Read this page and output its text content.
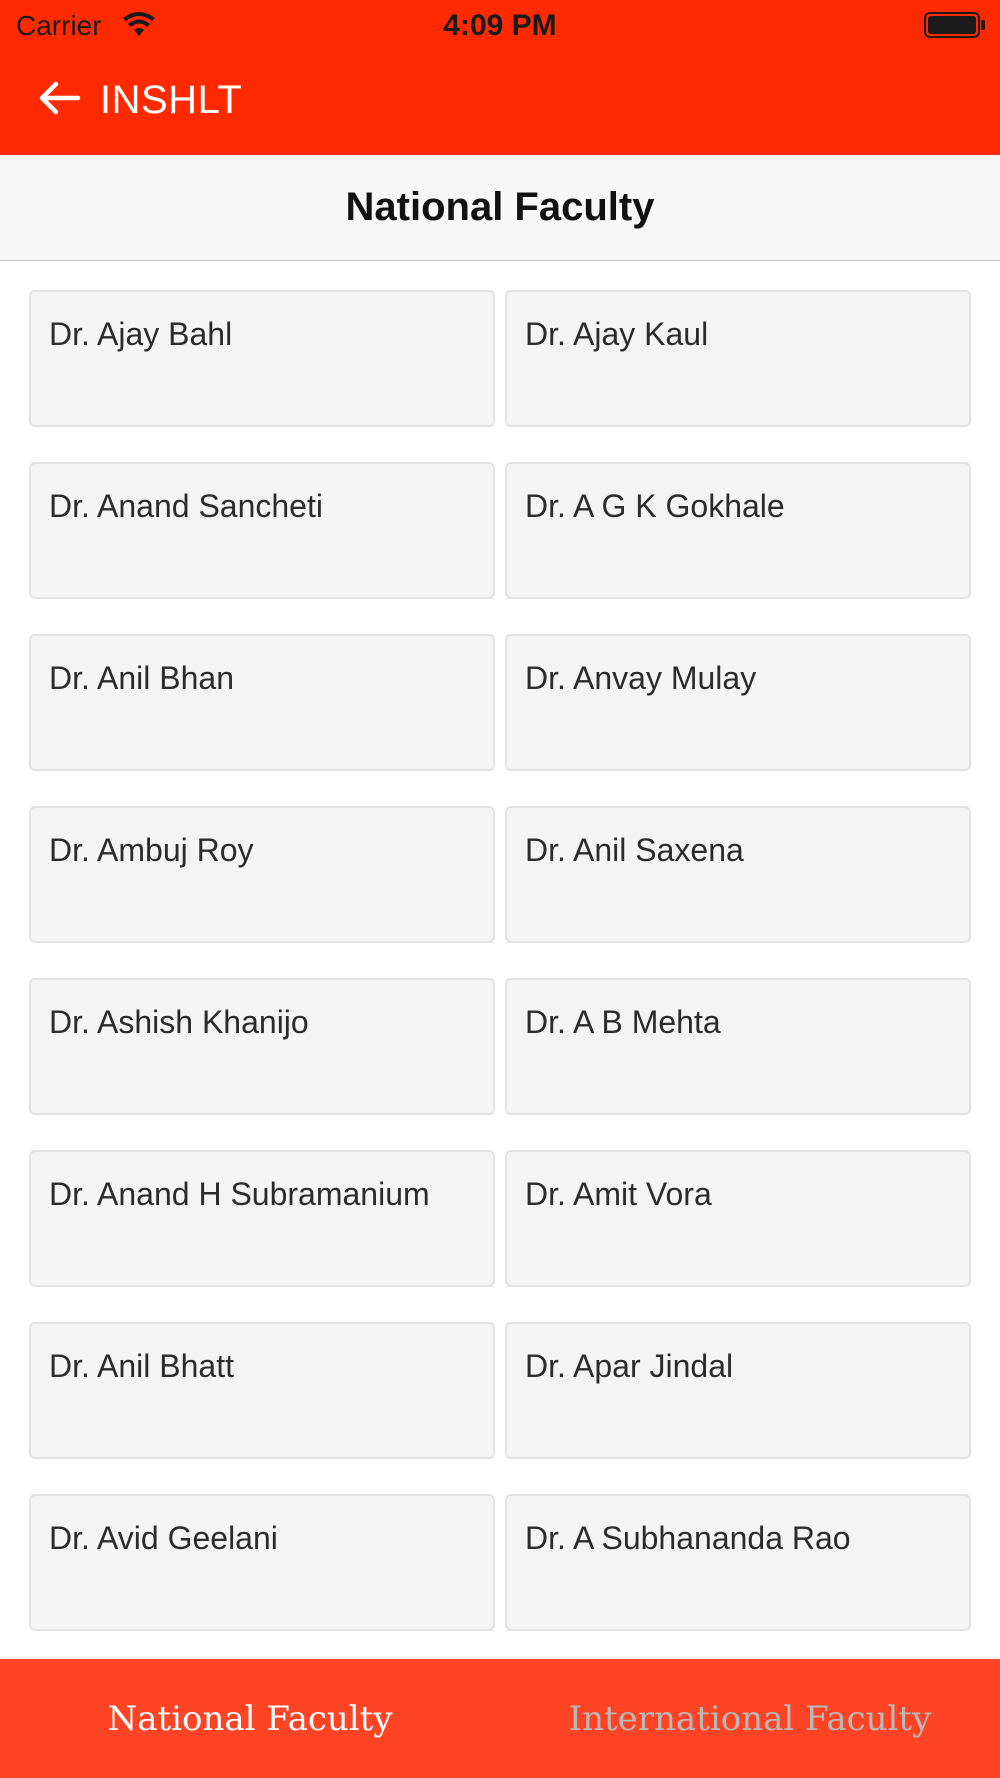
Carrier	4:09 PM
INSHLT
National Faculty
Dr. Ajay Bahl	Dr. Ajay Kaul
Dr. Anand Sancheti	Dr. A G K Gokhale
Dr. Anil Bhan	Dr. Anvay Mulay
Dr. Ambuj Roy	Dr. Anil Saxena
Dr. Ashish Khanijo	Dr. A B Mehta
Dr. Anand H Subramanium	Dr. Amit Vora
Dr. Anil Bhatt	Dr. Apar Jindal
Dr. Avid Geelani	Dr. A Subhananda Rao
National Faculty	International Faculty
